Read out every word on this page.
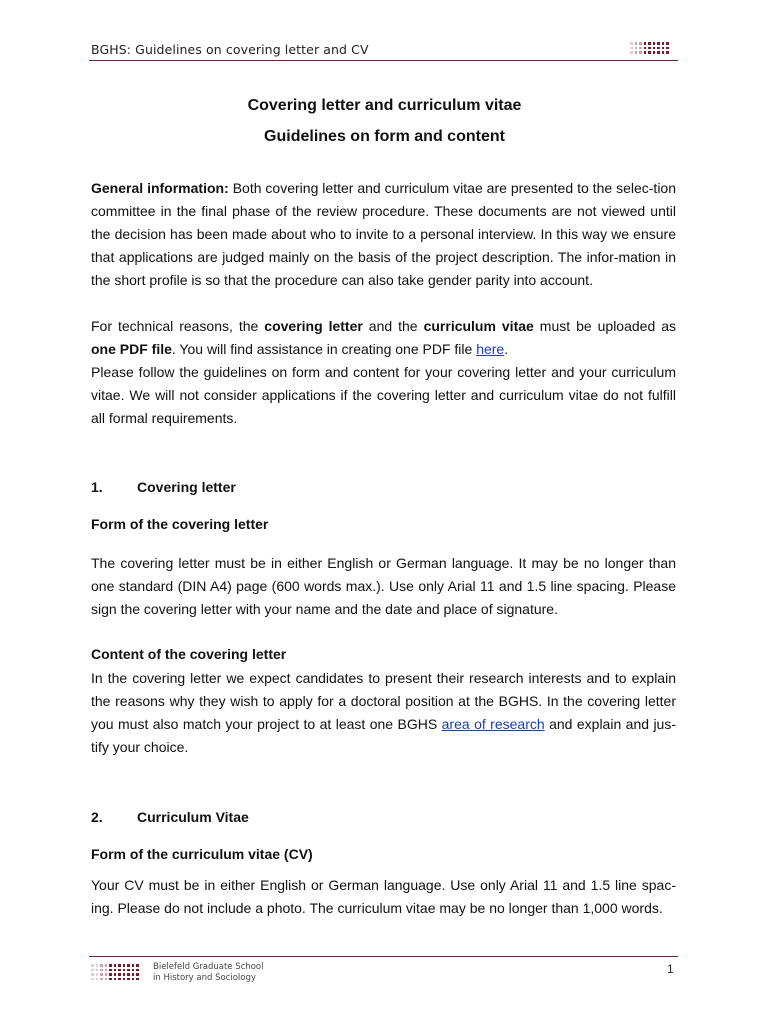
BGHS: Guidelines on covering letter and CV
Covering letter and curriculum vitae
Guidelines on form and content

General information: Both covering letter and curriculum vitae are presented to the selec-tion committee in the final phase of the review procedure. These documents are not viewed until the decision has been made about who to invite to a personal interview. In this way we ensure that applications are judged mainly on the basis of the project description. The infor-mation in the short profile is so that the procedure can also take gender parity into account.

For technical reasons, the covering letter and the curriculum vitae must be uploaded as one PDF file. You will find assistance in creating one PDF file here.

Please follow the guidelines on form and content for your covering letter and your curriculum vitae. We will not consider applications if the covering letter and curriculum vitae do not fulfill all formal requirements.

1. Covering letter
Form of the covering letter

The covering letter must be in either English or German language. It may be no longer than one standard (DIN A4) page (600 words max.). Use only Arial 11 and 1.5 line spacing. Please sign the covering letter with your name and the date and place of signature.

Content of the covering letter

In the covering letter we expect candidates to present their research interests and to explain the reasons why they wish to apply for a doctoral position at the BGHS. In the covering letter you must also match your project to at least one BGHS area of research and explain and jus-tify your choice.

2. Curriculum Vitae
Form of the curriculum vitae (CV)

Your CV must be in either English or German language. Use only Arial 11 and 1.5 line spac-ing. Please do not include a photo. The curriculum vitae may be no longer than 1,000 words.

Bielefeld Graduate School
in History and Sociology
1
